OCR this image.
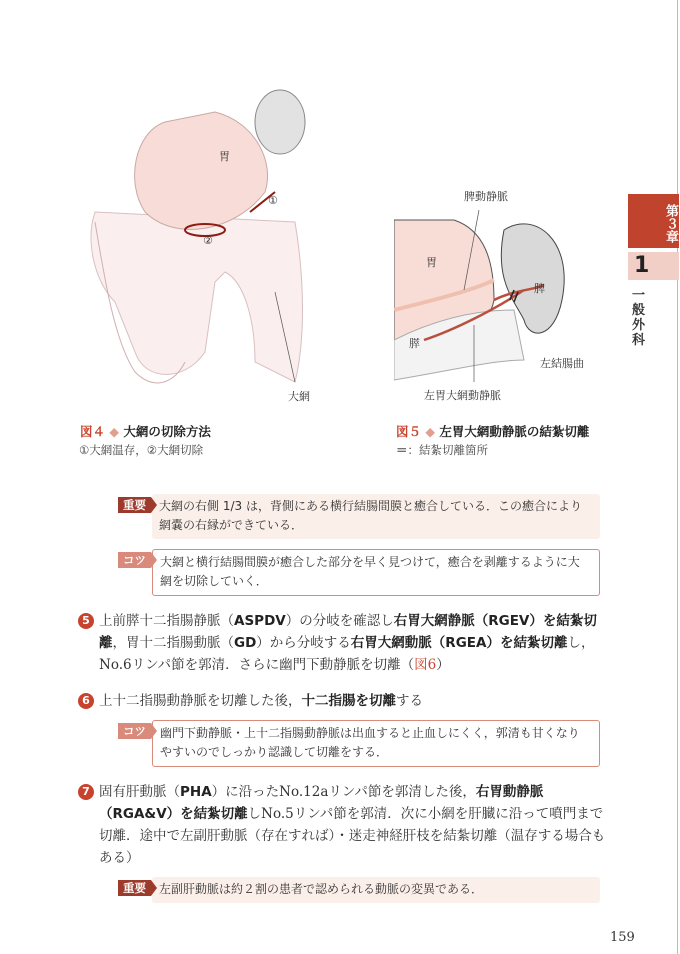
胃
①
②
大網
図４ ◆ 大網の切除方法
①大網温存，②大網切除
脾動静脈
胃
脾
膵
左結腸曲
左胃大網動静脈
図５ ◆ 左胃大網動静脈の結紮切離
＝：結紮切離箇所
第３章
1
一般外科
重要	大網の右側 1/3 は，背側にある横行結腸間膜と癒合している．この癒合により網嚢の右縁ができている．
コツ	大網と横行結腸間膜が癒合した部分を早く見つけて，癒合を剥離するように大網を切除していく．
5 上前膵十二指腸静脈（ASPDV）の分岐を確認し右胃大網静脈（RGEV）を結紮切離，胃十二指腸動脈（GD）から分岐する右胃大網動脈（RGEA）を結紮切離し，No.6リンパ節を郭清．さらに幽門下動静脈を切離（図6）
6 上十二指腸動静脈を切離した後，十二指腸を切離する
コツ	幽門下動静脈・上十二指腸動静脈は出血すると止血しにくく，郭清も甘くなりやすいのでしっかり認識して切離をする．
7 固有肝動脈（PHA）に沿ったNo.12aリンパ節を郭清した後，右胃動静脈（RGA&V）を結紮切離しNo.5リンパ節を郭清．次に小網を肝臓に沿って噴門まで切離．途中で左副肝動脈（存在すれば）・迷走神経肝枝を結紮切離（温存する場合もある）
重要	左副肝動脈は約２割の患者で認められる動脈の変異である．
159
